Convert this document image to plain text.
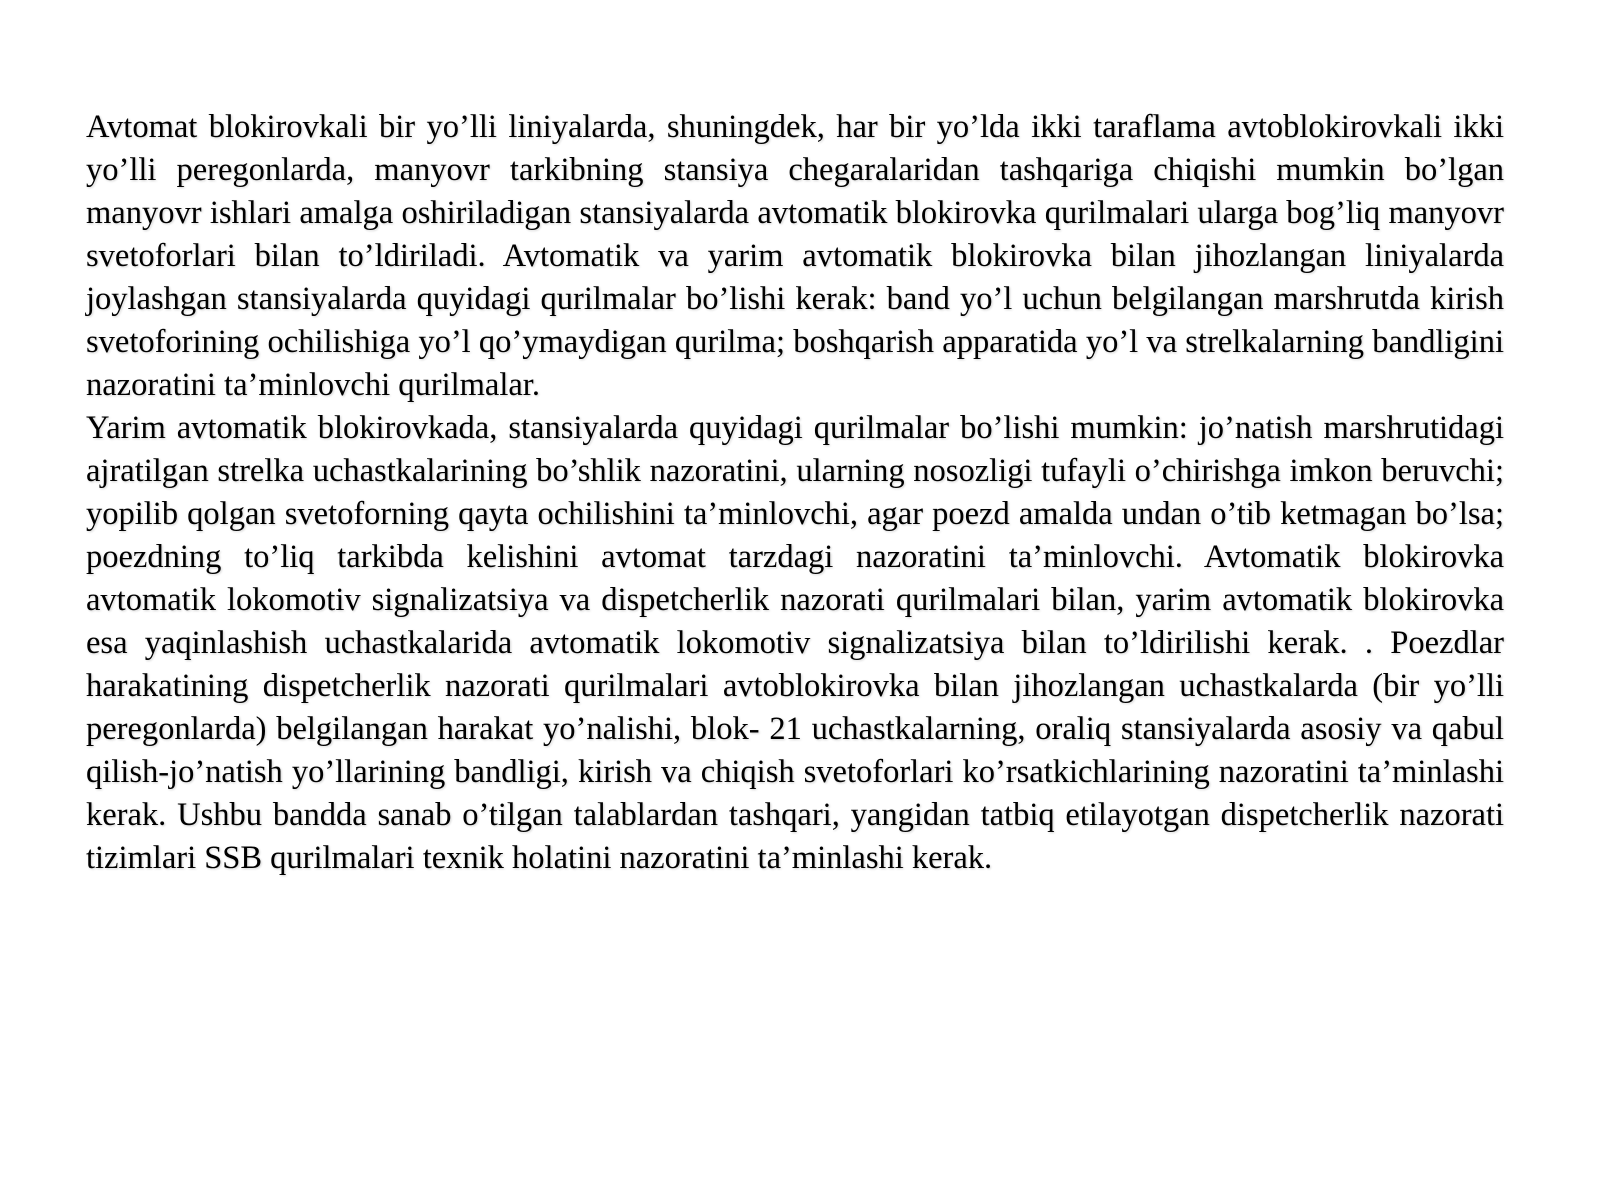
Avtomat blokirovkali bir yo’lli liniyalarda, shuningdek, har bir yo’lda ikki taraflama avtoblokirovkali ikki yo’lli peregonlarda, manyovr tarkibning stansiya chegaralaridan tashqariga chiqishi mumkin bo’lgan manyovr ishlari amalga oshiriladigan stansiyalarda avtomatik blokirovka qurilmalari ularga bog’liq manyovr svetoforlari bilan to’ldiriladi. Avtomatik va yarim avtomatik blokirovka bilan jihozlangan liniyalarda joylashgan stansiyalarda quyidagi qurilmalar bo’lishi kerak: band yo’l uchun belgilangan marshrutda kirish svetoforining ochilishiga yo’l qo’ymaydigan qurilma; boshqarish apparatida yo’l va strelkalarning bandligini nazoratini ta’minlovchi qurilmalar.

Yarim avtomatik blokirovkada, stansiyalarda quyidagi qurilmalar bo’lishi mumkin: jo’natish marshrutidagi ajratilgan strelka uchastkalarining bo’shlik nazoratini, ularning nosozligi tufayli o’chirishga imkon beruvchi; yopilib qolgan svetoforning qayta ochilishini ta’minlovchi, agar poezd amalda undan o’tib ketmagan bo’lsa; poezdning to’liq tarkibda kelishini avtomat tarzdagi nazoratini ta’minlovchi. Avtomatik blokirovka avtomatik lokomotiv signalizatsiya va dispetcherlik nazorati qurilmalari bilan, yarim avtomatik blokirovka esa yaqinlashish uchastkalarida avtomatik lokomotiv signalizatsiya bilan to’ldirilishi kerak. . Poezdlar harakatining dispetcherlik nazorati qurilmalari avtoblokirovka bilan jihozlangan uchastkalarda (bir yo’lli peregonlarda) belgilangan harakat yo’nalishi, blok- 21 uchastkalarning, oraliq stansiyalarda asosiy va qabul qilish-jo’natish yo’llarining bandligi, kirish va chiqish svetoforlari ko’rsatkichlarining nazoratini ta’minlashi kerak. Ushbu bandda sanab o’tilgan talablardan tashqari, yangidan tatbiq etilayotgan dispetcherlik nazorati tizimlari SSB qurilmalari texnik holatini nazoratini ta’minlashi kerak.
